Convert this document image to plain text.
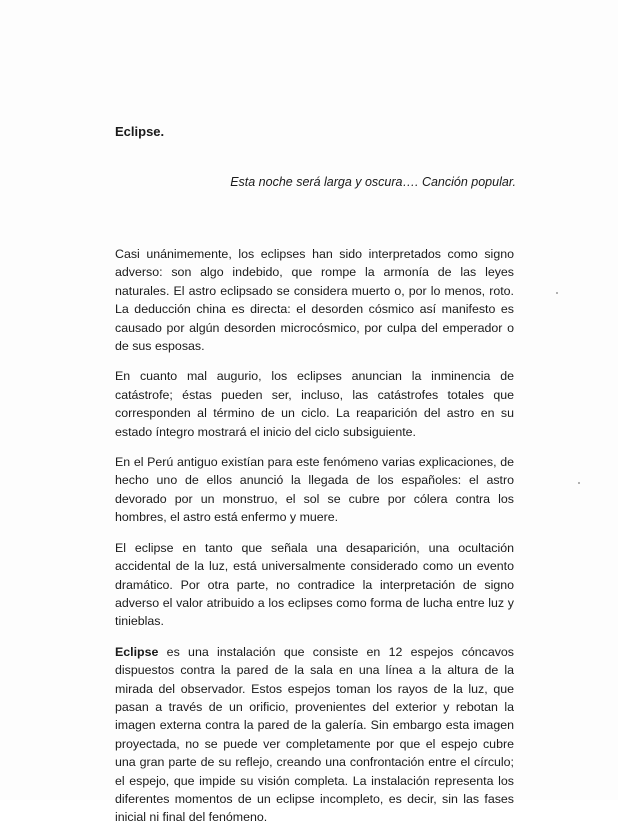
Eclipse.

Esta noche será larga y oscura…. Canción popular.

Casi unánimemente, los eclipses han sido interpretados como signo adverso: son algo indebido, que rompe la armonía de las leyes naturales. El astro eclipsado se considera muerto o, por lo menos, roto. La deducción china es directa: el desorden cósmico así manifesto es causado por algún desorden microcósmico, por culpa del emperador o de sus esposas.

En cuanto mal augurio, los eclipses anuncian la inminencia de catástrofe; éstas pueden ser, incluso, las catástrofes totales que corresponden al término de un ciclo. La reaparición del astro en su estado íntegro mostrará el inicio del ciclo subsiguiente.

En el Perú antiguo existían para este fenómeno varias explicaciones, de hecho uno de ellos anunció la llegada de los españoles: el astro devorado por un monstruo, el sol se cubre por cólera contra los hombres, el astro está enfermo y muere.

El eclipse en tanto que señala una desaparición, una ocultación accidental de la luz, está universalmente considerado como un evento dramático. Por otra parte, no contradice la interpretación de signo adverso el valor atribuido a los eclipses como forma de lucha entre luz y tinieblas.

Eclipse es una instalación que consiste en 12 espejos cóncavos dispuestos contra la pared de la sala en una línea a la altura de la mirada del observador. Estos espejos toman los rayos de la luz, que pasan a través de un orificio, provenientes del exterior y rebotan la imagen externa contra la pared de la galería. Sin embargo esta imagen proyectada, no se puede ver completamente por que el espejo cubre una gran parte de su reflejo, creando una confrontación entre el círculo; el espejo, que impide su visión completa. La instalación representa los diferentes momentos de un eclipse incompleto, es decir, sin las fases inicial ni final del fenómeno.
